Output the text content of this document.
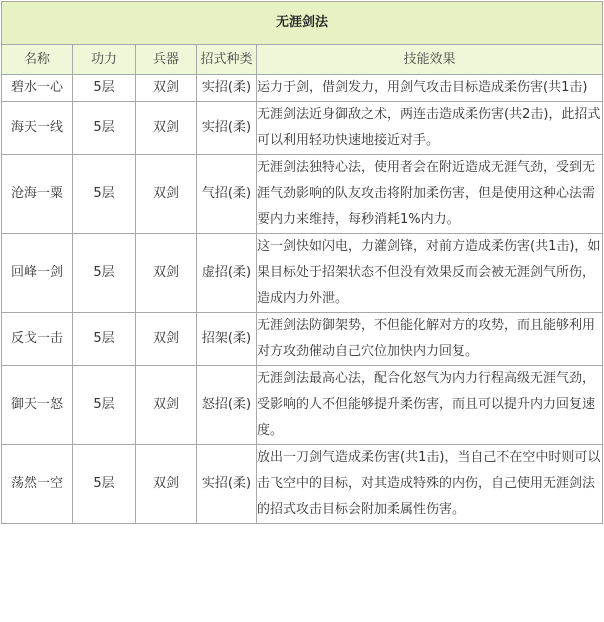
无涯剑法				
名称	功力	兵器	招式种类	技能效果
碧水一心	5层	双剑	实招(柔)	运力于剑，借剑发力，用剑气攻击目标造成柔伤害(共1击)
海天一线	5层	双剑	实招(柔)	无涯剑法近身御敌之术，两连击造成柔伤害(共2击)，此招式可以利用轻功快速地接近对手。
沧海一粟	5层	双剑	气招(柔)	无涯剑法独特心法，使用者会在附近造成无涯气劲，受到无涯气劲影响的队友攻击将附加柔伤害，但是使用这种心法需要内力来维持，每秒消耗1%内力。
回峰一剑	5层	双剑	虚招(柔)	这一剑快如闪电，力灌剑锋，对前方造成柔伤害(共1击)，如果目标处于招架状态不但没有效果反而会被无涯剑气所伤，造成内力外泄。
反戈一击	5层	双剑	招架(柔)	无涯剑法防御架势，不但能化解对方的攻势，而且能够利用对方攻劲催动自己穴位加快内力回复。
御天一怒	5层	双剑	怒招(柔)	无涯剑法最高心法，配合化怒气为内力行程高级无涯气劲，受影响的人不但能够提升柔伤害，而且可以提升内力回复速度。
荡然一空	5层	双剑	实招(柔)	放出一刀剑气造成柔伤害(共1击)，当自己不在空中时则可以击飞空中的目标，对其造成特殊的内伤，自己使用无涯剑法的招式攻击目标会附加柔属性伤害。
